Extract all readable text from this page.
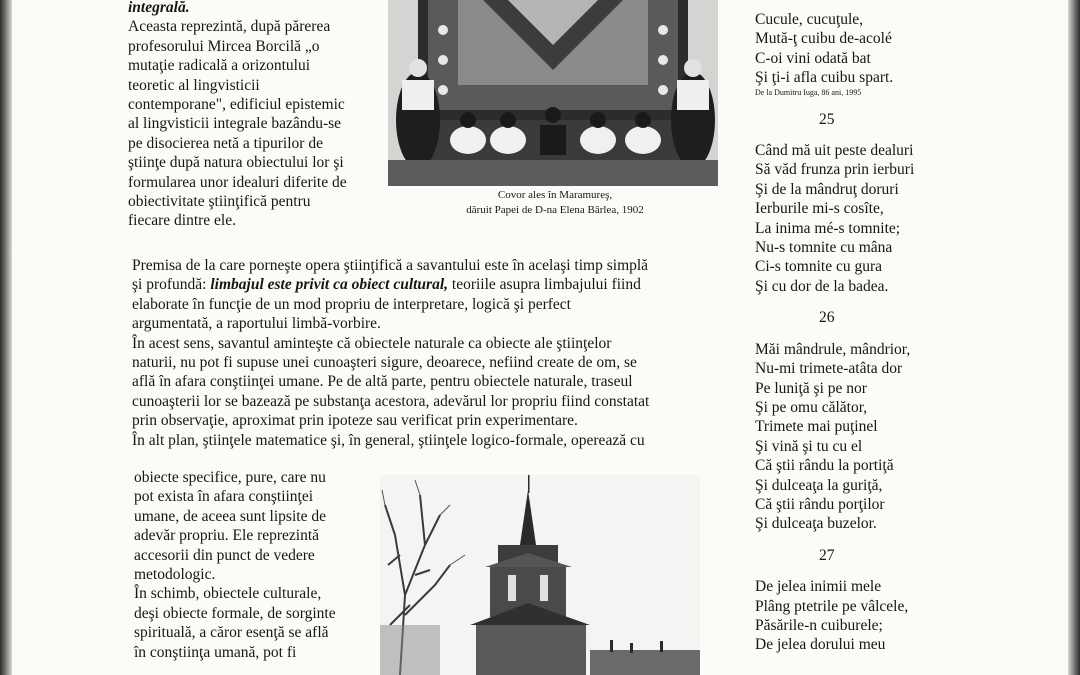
integrală.
Aceasta reprezintă, după părerea
profesorului Mircea Borcilă „o
mutaţie radicală a orizontului
teoretic al lingvisticii
contemporane", edificiul epistemic
al lingvisticii integrale bazându-se
pe disocierea netă a tipurilor de
ştiinţe după natura obiectului lor şi
formularea unor idealuri diferite de
obiectivitate ştiinţifică pentru
fiecare dintre ele.
Covor ales în Maramureş,
dăruit Papei de D-na Elena Bârlea, 1902
Premisa de la care porneşte opera ştiinţifică a savantului este în acelaşi timp simplă
şi profundă: limbajul este privit ca obiect cultural, teoriile asupra limbajului fiind
elaborate în funcţie de un mod propriu de interpretare, logică şi perfect
argumentată, a raportului limbă-vorbire.
În acest sens, savantul aminteşte că obiectele naturale ca obiecte ale ştiinţelor
naturii, nu pot fi supuse unei cunoaşteri sigure, deoarece, nefiind create de om, se
află în afara conştiinţei umane. Pe de altă parte, pentru obiectele naturale, traseul
cunoaşterii lor se bazează pe substanţa acestora, adevărul lor propriu fiind constatat
prin observaţie, aproximat prin ipoteze sau verificat prin experimentare.
În alt plan, ştiinţele matematice şi, în general, ştiinţele logico-formale, operează cu
obiecte specifice, pure, care nu
pot exista în afara conştiinţei
umane, de aceea sunt lipsite de
adevăr propriu. Ele reprezintă
accesorii din punct de vedere
metodologic.
În schimb, obiectele culturale,
deşi obiecte formale, de sorginte
spirituală, a căror esenţă se află
în conştiinţa umană, pot fi
Cucule, cucuţule,
Mută-ţ cuibu de-acolé
C-oi vini odată bat
Şi ţi-i afla cuibu spart.
De la Dumitru Iuga, 86 ani, 1995
25
Când mă uit peste dealuri
Să văd frunza prin ierburi
Şi de la mândruţ doruri
Ierburile mi-s cosîte,
La inima mé-s tomnite;
Nu-s tomnite cu mâna
Ci-s tomnite cu gura
Şi cu dor de la badea.
26
Măi mândrule, mândrior,
Nu-mi trimete-atâta dor
Pe luniţă şi pe nor
Şi pe omu călător,
Trimete mai puţinel
Şi vină şi tu cu el
Că ştii rându la portiţă
Şi dulceaţa la guriţă,
Că ştii rându porţilor
Şi dulceaţa buzelor.
27
De jelea inimii mele
Plâng ptetrile pe vâlcele,
Păsările-n cuiburele;
De jelea dorului meu
